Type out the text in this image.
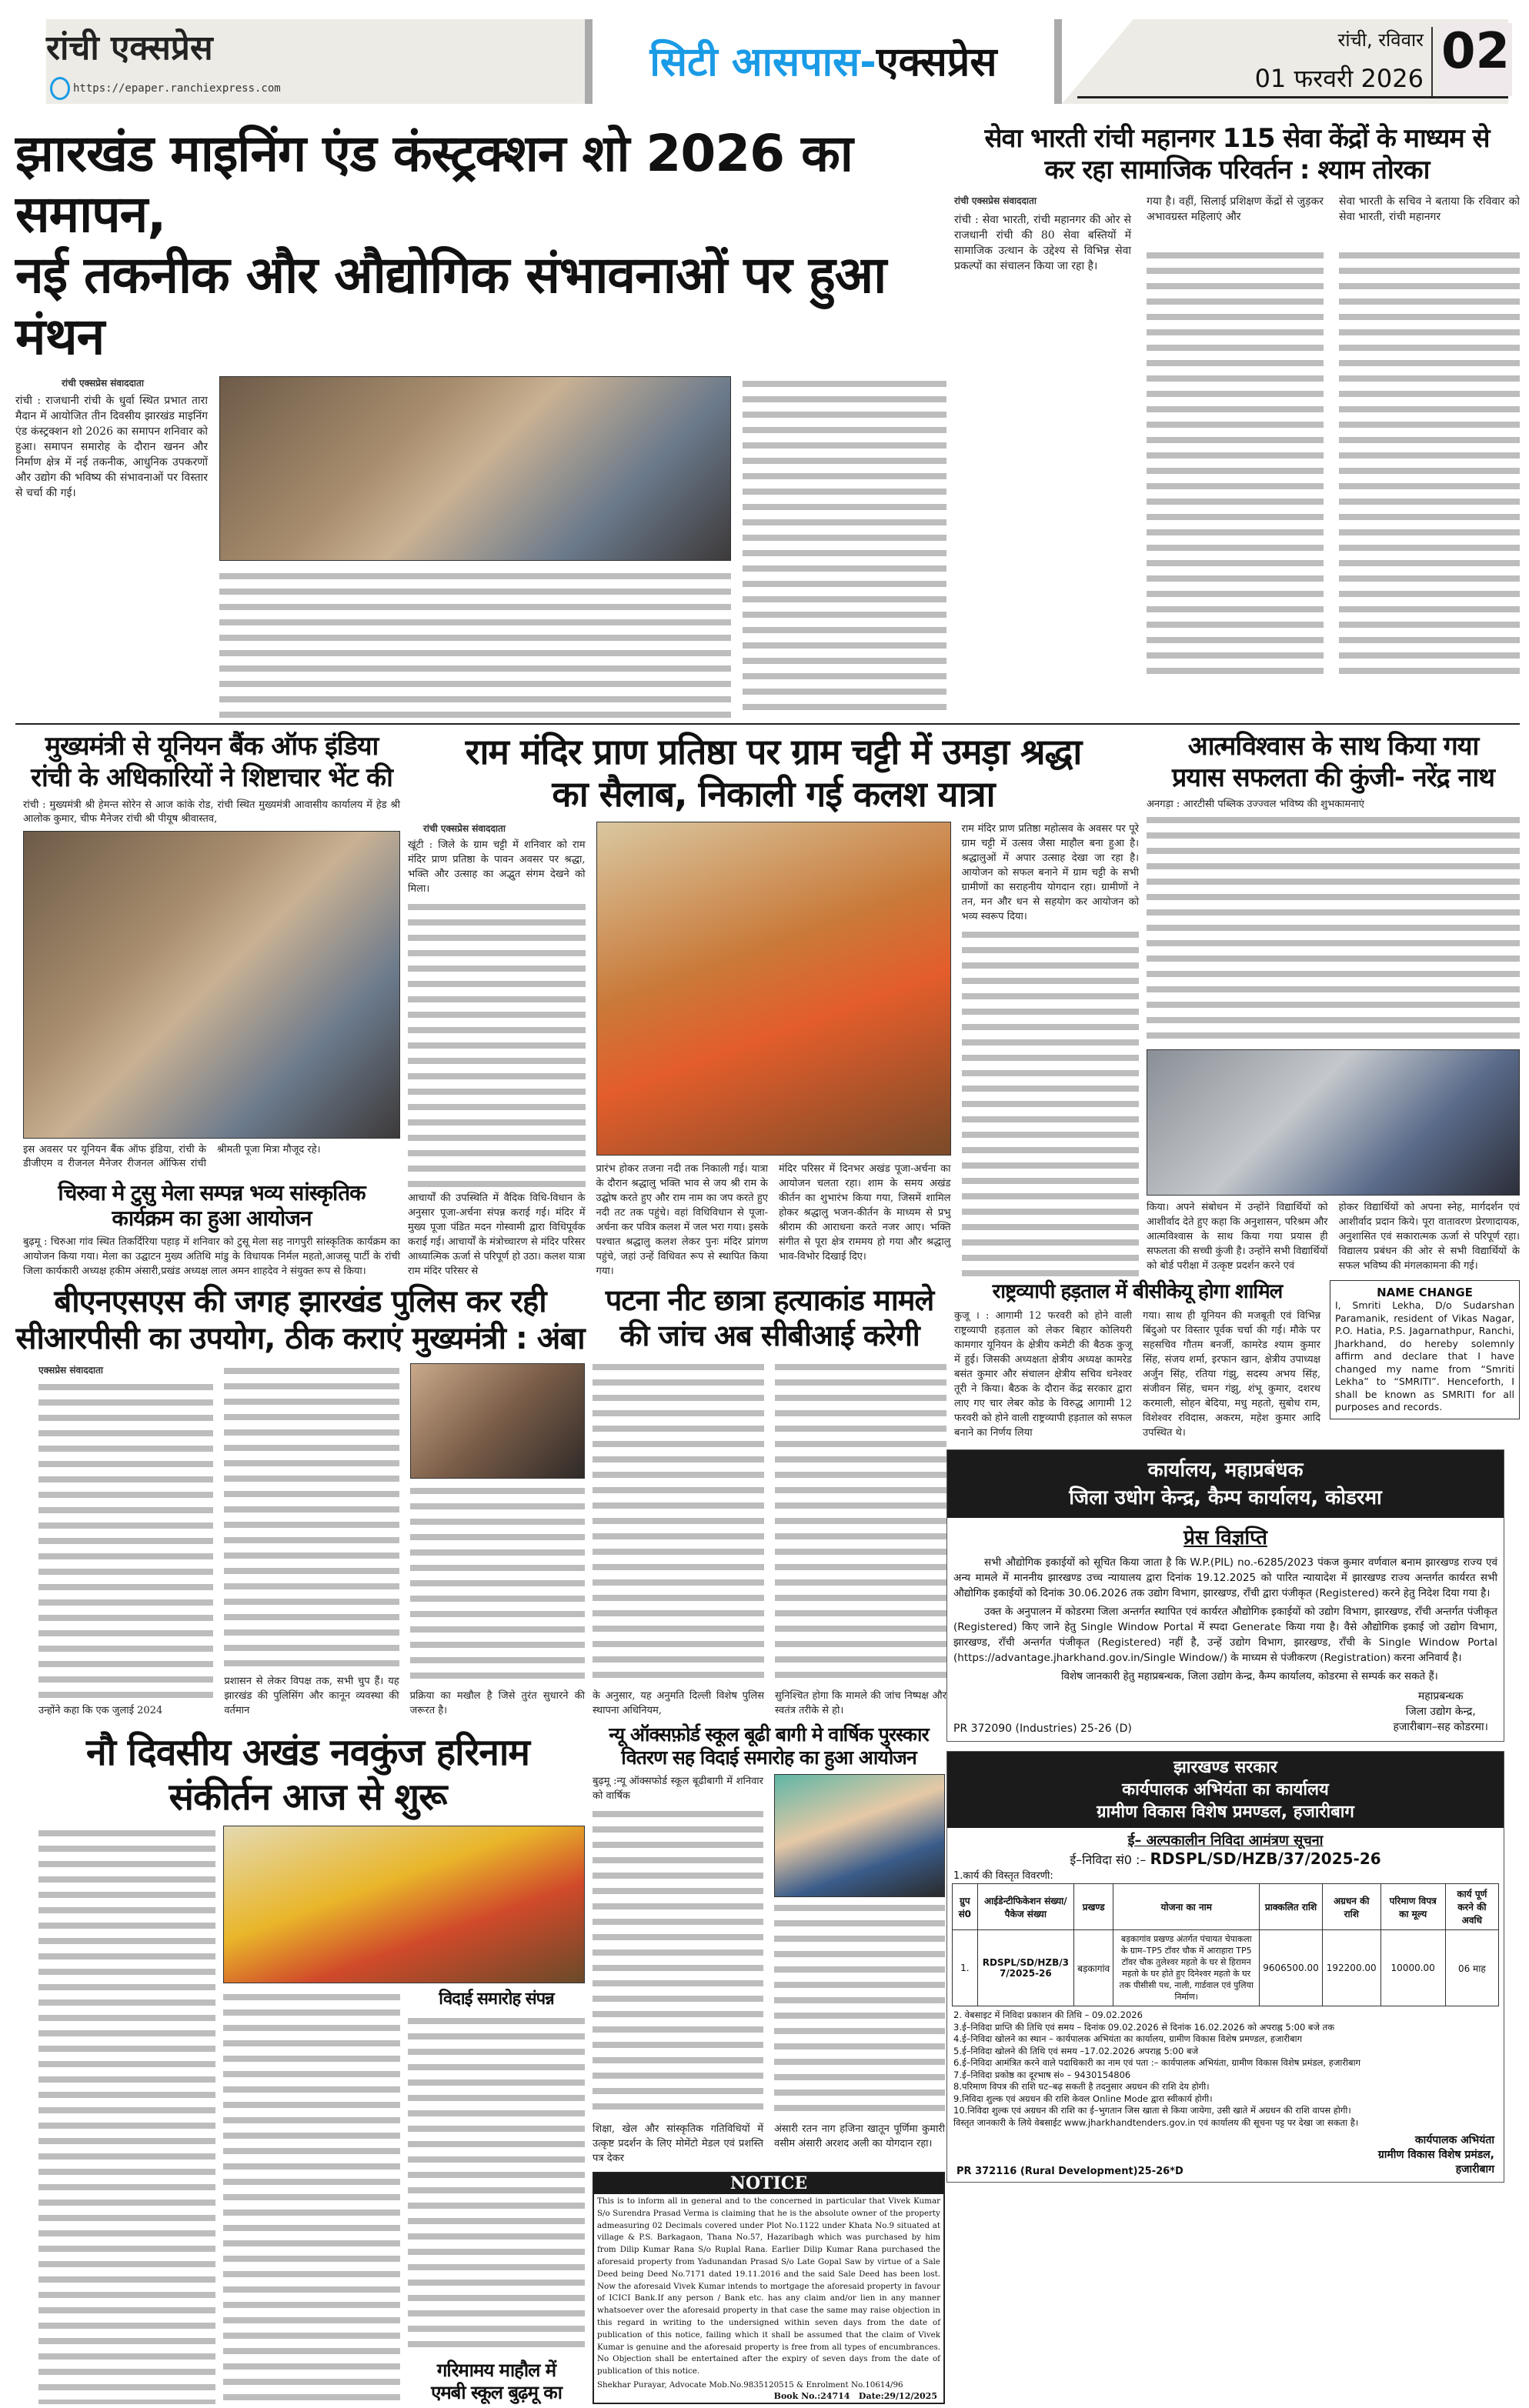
रांची एक्सप्रेस
https://epaper.ranchiexpress.com
सिटी आसपास-एक्सप्रेस	रांची, रविवार
01 फरवरी 2026 02
झारखंड माइनिंग एंड कंस्ट्रक्शन शो 2026 का समापन,
नई तकनीक और औद्योगिक संभावनाओं पर हुआ मंथन
रांची एक्सप्रेस संवाददाता
रांची : राजधानी रांची के धुर्वा स्थित प्रभात तारा मैदान में आयोजित तीन दिवसीय झारखंड माइनिंग एंड कंस्ट्रक्शन शो 2026 का समापन शनिवार को हुआ। समापन समारोह के दौरान खनन और निर्माण क्षेत्र में नई तकनीक, आधुनिक उपकरणों और उद्योग की भविष्य की संभावनाओं पर विस्तार से चर्चा की गई।
सेवा भारती रांची महानगर 115 सेवा केंद्रों के माध्यम से
कर रहा सामाजिक परिवर्तन : श्याम तोरका
रांची एक्सप्रेस संवाददाता
रांची : सेवा भारती, रांची महानगर की ओर से राजधानी रांची की 80 सेवा बस्तियों में सामाजिक उत्थान के उद्देश्य से विभिन्न सेवा प्रकल्पों का संचालन किया जा रहा है।
गया है। वहीं, सिलाई प्रशिक्षण केंद्रों से जुड़कर अभावग्रस्त महिलाएं और
सेवा भारती के सचिव ने बताया कि रविवार को सेवा भारती, रांची महानगर
मुख्यमंत्री से यूनियन बैंक ऑफ इंडिया
रांची के अधिकारियों ने शिष्टाचार भेंट की
रांची : मुख्यमंत्री श्री हेमन्त सोरेन से आज कांके रोड, रांची स्थित मुख्यमंत्री आवासीय कार्यालय में हेड श्री आलोक कुमार, चीफ मैनेजर रांची श्री पीयूष श्रीवास्तव,
इस अवसर पर यूनियन बैंक ऑफ इंडिया, रांची के डीजीएम व रीजनल मैनेजर रीजनल ऑफिस रांची श्रीमती पूजा मित्रा मौजूद रहे।
चिरुवा मे टुसु मेला सम्पन्न भव्य सांस्कृतिक
कार्यक्रम का हुआ आयोजन
बुढ़मू : चिरुआ गांव स्थित तिकर्दिरिया पहाड़ में शनिवार को टुसू मेला सह नागपुरी सांस्कृतिक कार्यक्रम का आयोजन किया गया। मेला का उद्घाटन मुख्य अतिथि मांडु के विधायक निर्मल महतो,आजसू पार्टी के रांची जिला कार्यकारी अध्यक्ष हकीम अंसारी,प्रखंड अध्यक्ष लाल अमन शाहदेव ने संयुक्त रूप से किया।
राम मंदिर प्राण प्रतिष्ठा पर ग्राम चट्टी में उमड़ा श्रद्धा
का सैलाब, निकाली गई कलश यात्रा
रांची एक्सप्रेस संवाददाता
खूंटी : जिले के ग्राम चट्टी में शनिवार को राम मंदिर प्राण प्रतिष्ठा के पावन अवसर पर श्रद्धा, भक्ति और उत्साह का अद्भुत संगम देखने को मिला।
आचार्यों की उपस्थिति में वैदिक विधि-विधान के अनुसार पूजा-अर्चना संपन्न कराई गई। मंदिर में मुख्य पूजा पंडित मदन गोस्वामी द्वारा विधिपूर्वक कराई गई। आचार्यों के मंत्रोच्चारण से मंदिर परिसर आध्यात्मिक ऊर्जा से परिपूर्ण हो उठा। कलश यात्रा राम मंदिर परिसर से
प्रारंभ होकर तजना नदी तक निकाली गई। यात्रा के दौरान श्रद्धालु भक्ति भाव से जय श्री राम के उद्घोष करते हुए और राम नाम का जप करते हुए नदी तट तक पहुंचे। वहां विधिविधान से पूजा-अर्चना कर पवित्र कलश में जल भरा गया। इसके पश्चात श्रद्धालु कलश लेकर पुनः मंदिर प्रांगण पहुंचे, जहां उन्हें विधिवत रूप से स्थापित किया गया।
मंदिर परिसर में दिनभर अखंड पूजा-अर्चना का आयोजन चलता रहा। शाम के समय अखंड कीर्तन का शुभारंभ किया गया, जिसमें शामिल होकर श्रद्धालु भजन-कीर्तन के माध्यम से प्रभु श्रीराम की आराधना करते नजर आए। भक्ति संगीत से पूरा क्षेत्र राममय हो गया और श्रद्धालु भाव-विभोर दिखाई दिए।
राम मंदिर प्राण प्रतिष्ठा महोत्सव के अवसर पर पूरे ग्राम चट्टी में उत्सव जैसा माहौल बना हुआ है। श्रद्धालुओं में अपार उत्साह देखा जा रहा है। आयोजन को सफल बनाने में ग्राम चट्टी के सभी ग्रामीणों का सराहनीय योगदान रहा। ग्रामीणों ने तन, मन और धन से सहयोग कर आयोजन को भव्य स्वरूप दिया।
आत्मविश्वास के साथ किया गया
प्रयास सफलता की कुंजी- नरेंद्र नाथ
अनगड़ा : आरटीसी पब्लिक उज्ज्वल भविष्य की शुभकामनाएं
किया। अपने संबोधन में उन्होंने विद्यार्थियों को आशीर्वाद देते हुए कहा कि अनुशासन, परिश्रम और आत्मविश्वास के साथ किया गया प्रयास ही सफलता की सच्ची कुंजी है। उन्होंने सभी विद्यार्थियों को बोर्ड परीक्षा में उत्कृष्ट प्रदर्शन करने एवं
होकर विद्यार्थियों को अपना स्नेह, मार्गदर्शन एवं आशीर्वाद प्रदान किये। पूरा वातावरण प्रेरणादायक, अनुशासित एवं सकारात्मक ऊर्जा से परिपूर्ण रहा। विद्यालय प्रबंधन की ओर से सभी विद्यार्थियों के सफल भविष्य की मंगलकामना की गई।
राष्ट्रव्यापी हड़ताल में बीसीकेयू होगा शामिल
कुजू । : आगामी 12 फरवरी को होने वाली राष्ट्रव्यापी हड़ताल को लेकर बिहार कोलियरी कामगार यूनियन के क्षेत्रीय कमेटी की बैठक कुजू में हुई। जिसकी अध्यक्षता क्षेत्रीय अध्यक्ष कामरेड बसंत कुमार और संचालन क्षेत्रीय सचिव धनेश्वर तूरी ने किया। बैठक के दौरान केंद्र सरकार द्वारा लाए गए चार लेबर कोड के विरुद्ध आगामी 12 फरवरी को होने वाली राष्ट्रव्यापी हड़ताल को सफल बनाने का निर्णय लिया
गया। साथ ही यूनियन की मजबूती एवं विभिन्न बिंदुओ पर विस्तार पूर्वक चर्चा की गई। मौके पर सहसचिव गौतम बनर्जी, कामरेड श्याम कुमार सिंह, संजय शर्मा, इरफान खान, क्षेत्रीय उपाध्यक्ष अर्जुन सिंह, रतिया गंझु, सदस्य अभय सिंह, संजीवन सिंह, चमन गंझु, शंभू कुमार, दशरथ करमाली, सोहन बेदिया, मधु महतो, सुबोध राम, विशेश्वर रविदास, अकरम, महेश कुमार आदि उपस्थित थे।
NAME CHANGE
I, Smriti Lekha, D/o Sudarshan Paramanik, resident of Vikas Nagar, P.O. Hatia, P.S. Jagarnathpur, Ranchi, Jharkhand, do hereby solemnly affirm and declare that I have changed my name from “Smriti Lekha” to “SMRITI”. Henceforth, I shall be known as SMRITI for all purposes and records.
कार्यालय, महाप्रबंधक
जिला उधोग केन्द्र, कैम्प कार्यालय, कोडरमा
प्रेस विज्ञप्ति
सभी औद्योगिक इकाईयों को सूचित किया जाता है कि W.P.(PIL) no.-6285/2023 पंकज कुमार वर्णवाल बनाम झारखण्ड राज्य एवं अन्य मामले में माननीय झारखण्ड उच्च न्यायालय द्वारा दिनांक 19.12.2025 को पारित न्यायादेश में झारखण्ड राज्य अन्तर्गत कार्यरत सभी औद्योगिक इकाईयों को दिनांक 30.06.2026 तक उद्योग विभाग, झारखण्ड, राँची द्वारा पंजीकृत (Registered) करने हेतु निदेश दिया गया है।
उक्त के अनुपालन में कोडरमा जिला अन्तर्गत स्थापित एवं कार्यरत औद्योगिक इकाईयों को उद्योग विभाग, झारखण्ड, राँची अन्तर्गत पंजीकृत (Registered) किए जाने हेतु Single Window Portal में स्पदा Generate किया गया है। वैसे औद्योगिक इकाई जो उद्योग विभाग, झारखण्ड, राँची अन्तर्गत पंजीकृत (Registered) नहीं है, उन्हें उद्योग विभाग, झारखण्ड, राँची के Single Window Portal (https://advantage.jharkhand.gov.in/Single Window/) के माध्यम से पंजीकरण (Registration) करना अनिवार्य है।
विशेष जानकारी हेतु महाप्रबन्धक, जिला उद्योग केन्द्र, कैम्प कार्यालय, कोडरमा से सम्पर्क कर सकते हैं।
PR 372090 (Industries) 25-26 (D)
महाप्रबन्धक
जिला उद्योग केन्द्र,
हजारीबाग–सह कोडरमा।
झारखण्ड सरकार
कार्यपालक अभियंता का कार्यालय
ग्रामीण विकास विशेष प्रमण्डल, हजारीबाग
ई– अल्पकालीन निविदा आमंत्रण सूचना
ई–निविदा सं0 :– RDSPL/SD/HZB/37/2025-26
1.कार्य की विस्तृत विवरणी:
ग्रुप सं0	आईडेन्टीफिकेशन संख्या/पैकेज संख्या	प्रखण्ड	योजना का नाम	प्राक्कलित राशि	अग्रधन की राशि	परिमाण विपत्र का मूल्य	कार्य पूर्ण करने की अवधि
1.	RDSPL/SD/HZB/37/2025-26	बड़कागांव	बड़कागांव प्रखण्ड अंतर्गत पंचायत चेपाकला के ग्राम–TP5 टॉवर चौक में आराहारा TP5 टॉवर चौक तुलेश्वर महतो के घर से हिरामन महतो के घर होते हुए दिनेश्वर महतो के घर तक पीसीसी पथ, नाली, गार्डवाल एवं पुलिया निर्माण।	9606500.00	192200.00	10000.00	06 माह
2. वेबसाइट में निविदा प्रकाशन की तिथि – 09.02.2026
3.ई–निविदा प्राप्ति की तिथि एवं समय – दिनांक 09.02.2026 से दिनांक 16.02.2026 को अपराह्न 5:00 बजे तक
4.ई–निविदा खोलने का स्थान – कार्यपालक अभियंता का कार्यालय, ग्रामीण विकास विशेष प्रमण्डल, हजारीबाग
5.ई–निविदा खोलने की तिथि एवं समय –17.02.2026 अपराह्न 5:00 बजे
6.ई–निविदा आमंत्रित करने वाले पदाधिकारी का नाम एवं पता :– कार्यपालक अभियंता, ग्रामीण विकास विशेष प्रमंडल, हजारीबाग
7.ई–निविदा प्रकोष्ठ का दूरभाष सं० – 9430154806
8.परिमाण विपत्र की राशि घट–बढ़ सकती है तदनुसार अग्रधन की राशि देय होगी।
9.निविदा शुल्क एवं अग्रधन की राशि केवल Online Mode द्वारा स्वीकार्य होगी।
10.निविदा शुल्क एवं अग्रधन की राशि का ई–भुगतान जिस खाता से किया जायेगा, उसी खाते में अग्रधन की राशि वापस होगी।
विस्तृत जानकारी के लिये वेबसाईट www.jharkhandtenders.gov.in एवं कार्यालय की सूचना पट्ट पर देखा जा सकता है।
PR 372116 (Rural Development)25-26*D
कार्यपालक अभियंता
ग्रामीण विकास विशेष प्रमंडल,
हजारीबाग
बीएनएसएस की जगह झारखंड पुलिस कर रही
सीआरपीसी का उपयोग, ठीक कराएं मुख्यमंत्री : अंबा
एक्सप्रेस संवाददाता
उन्होंने कहा कि एक जुलाई 2024
प्रशासन से लेकर विपक्ष तक, सभी चुप हैं। यह झारखंड की पुलिसिंग और कानून व्यवस्था की वर्तमान
प्रक्रिया का मखौल है जिसे तुरंत सुधारने की जरूरत है।
पटना नीट छात्रा हत्याकांड मामले
की जांच अब सीबीआई करेगी
के अनुसार, यह अनुमति दिल्ली विशेष पुलिस स्थापना अधिनियम,
सुनिश्चित होगा कि मामले की जांच निष्पक्ष और स्वतंत्र तरीके से हो।
नौ दिवसीय अखंड नवकुंज हरिनाम
संकीर्तन आज से शुरू
विदाई समारोह संपन्न
गरिमामय माहौल में
एमबी स्कूल बुढ़मू का
न्यू ऑक्सफ़ोर्ड स्कूल बूढी बागी मे वार्षिक पुरस्कार
वितरण सह विदाई समारोह का हुआ आयोजन
बुढ़मू :न्यू ऑक्सफोर्ड स्कूल बूढीबागी में शनिवार को वार्षिक
शिक्षा, खेल और सांस्कृतिक गतिविधियों में उत्कृष्ट प्रदर्शन के लिए मोमेंटो मेडल एवं प्रशस्ति पत्र देकर
अंसारी रतन नाग हजिना खातून पूर्णिमा कुमारी वसीम अंसारी अरशद अली का योगदान रहा।
NOTICE
This is to inform all in general and to the concerned in particular that Vivek Kumar S/o Surendra Prasad Verma is claiming that he is the absolute owner of the property admeasuring 02 Decimals covered under Plot No.1122 under Khata No.9 situated at village & P.S. Barkagaon, Thana No.57, Hazaribagh which was purchased by him from Dilip Kumar Rana S/o Ruplal Rana. Earlier Dilip Kumar Rana purchased the aforesaid property from Yadunandan Prasad S/o Late Gopal Saw by virtue of a Sale Deed being Deed No.7171 dated 19.11.2016 and the said Sale Deed has been lost. Now the aforesaid Vivek Kumar intends to mortgage the aforesaid property in favour of ICICI Bank.If any person / Bank etc. has any claim and/or lien in any manner whatsoever over the aforesaid property in that case the same may raise objection in this regard in writing to the undersigned within seven days from the date of publication of this notice, failing which it shall be assumed that the claim of Vivek Kumar is genuine and the aforesaid property is free from all types of encumbrances. No Objection shall be entertained after the expiry of seven days from the date of publication of this notice.
Shekhar Purayar, Advocate Mob.No.9835120515 & Enrolment No.10614/96
Book No.:24714 Date:29/12/2025
